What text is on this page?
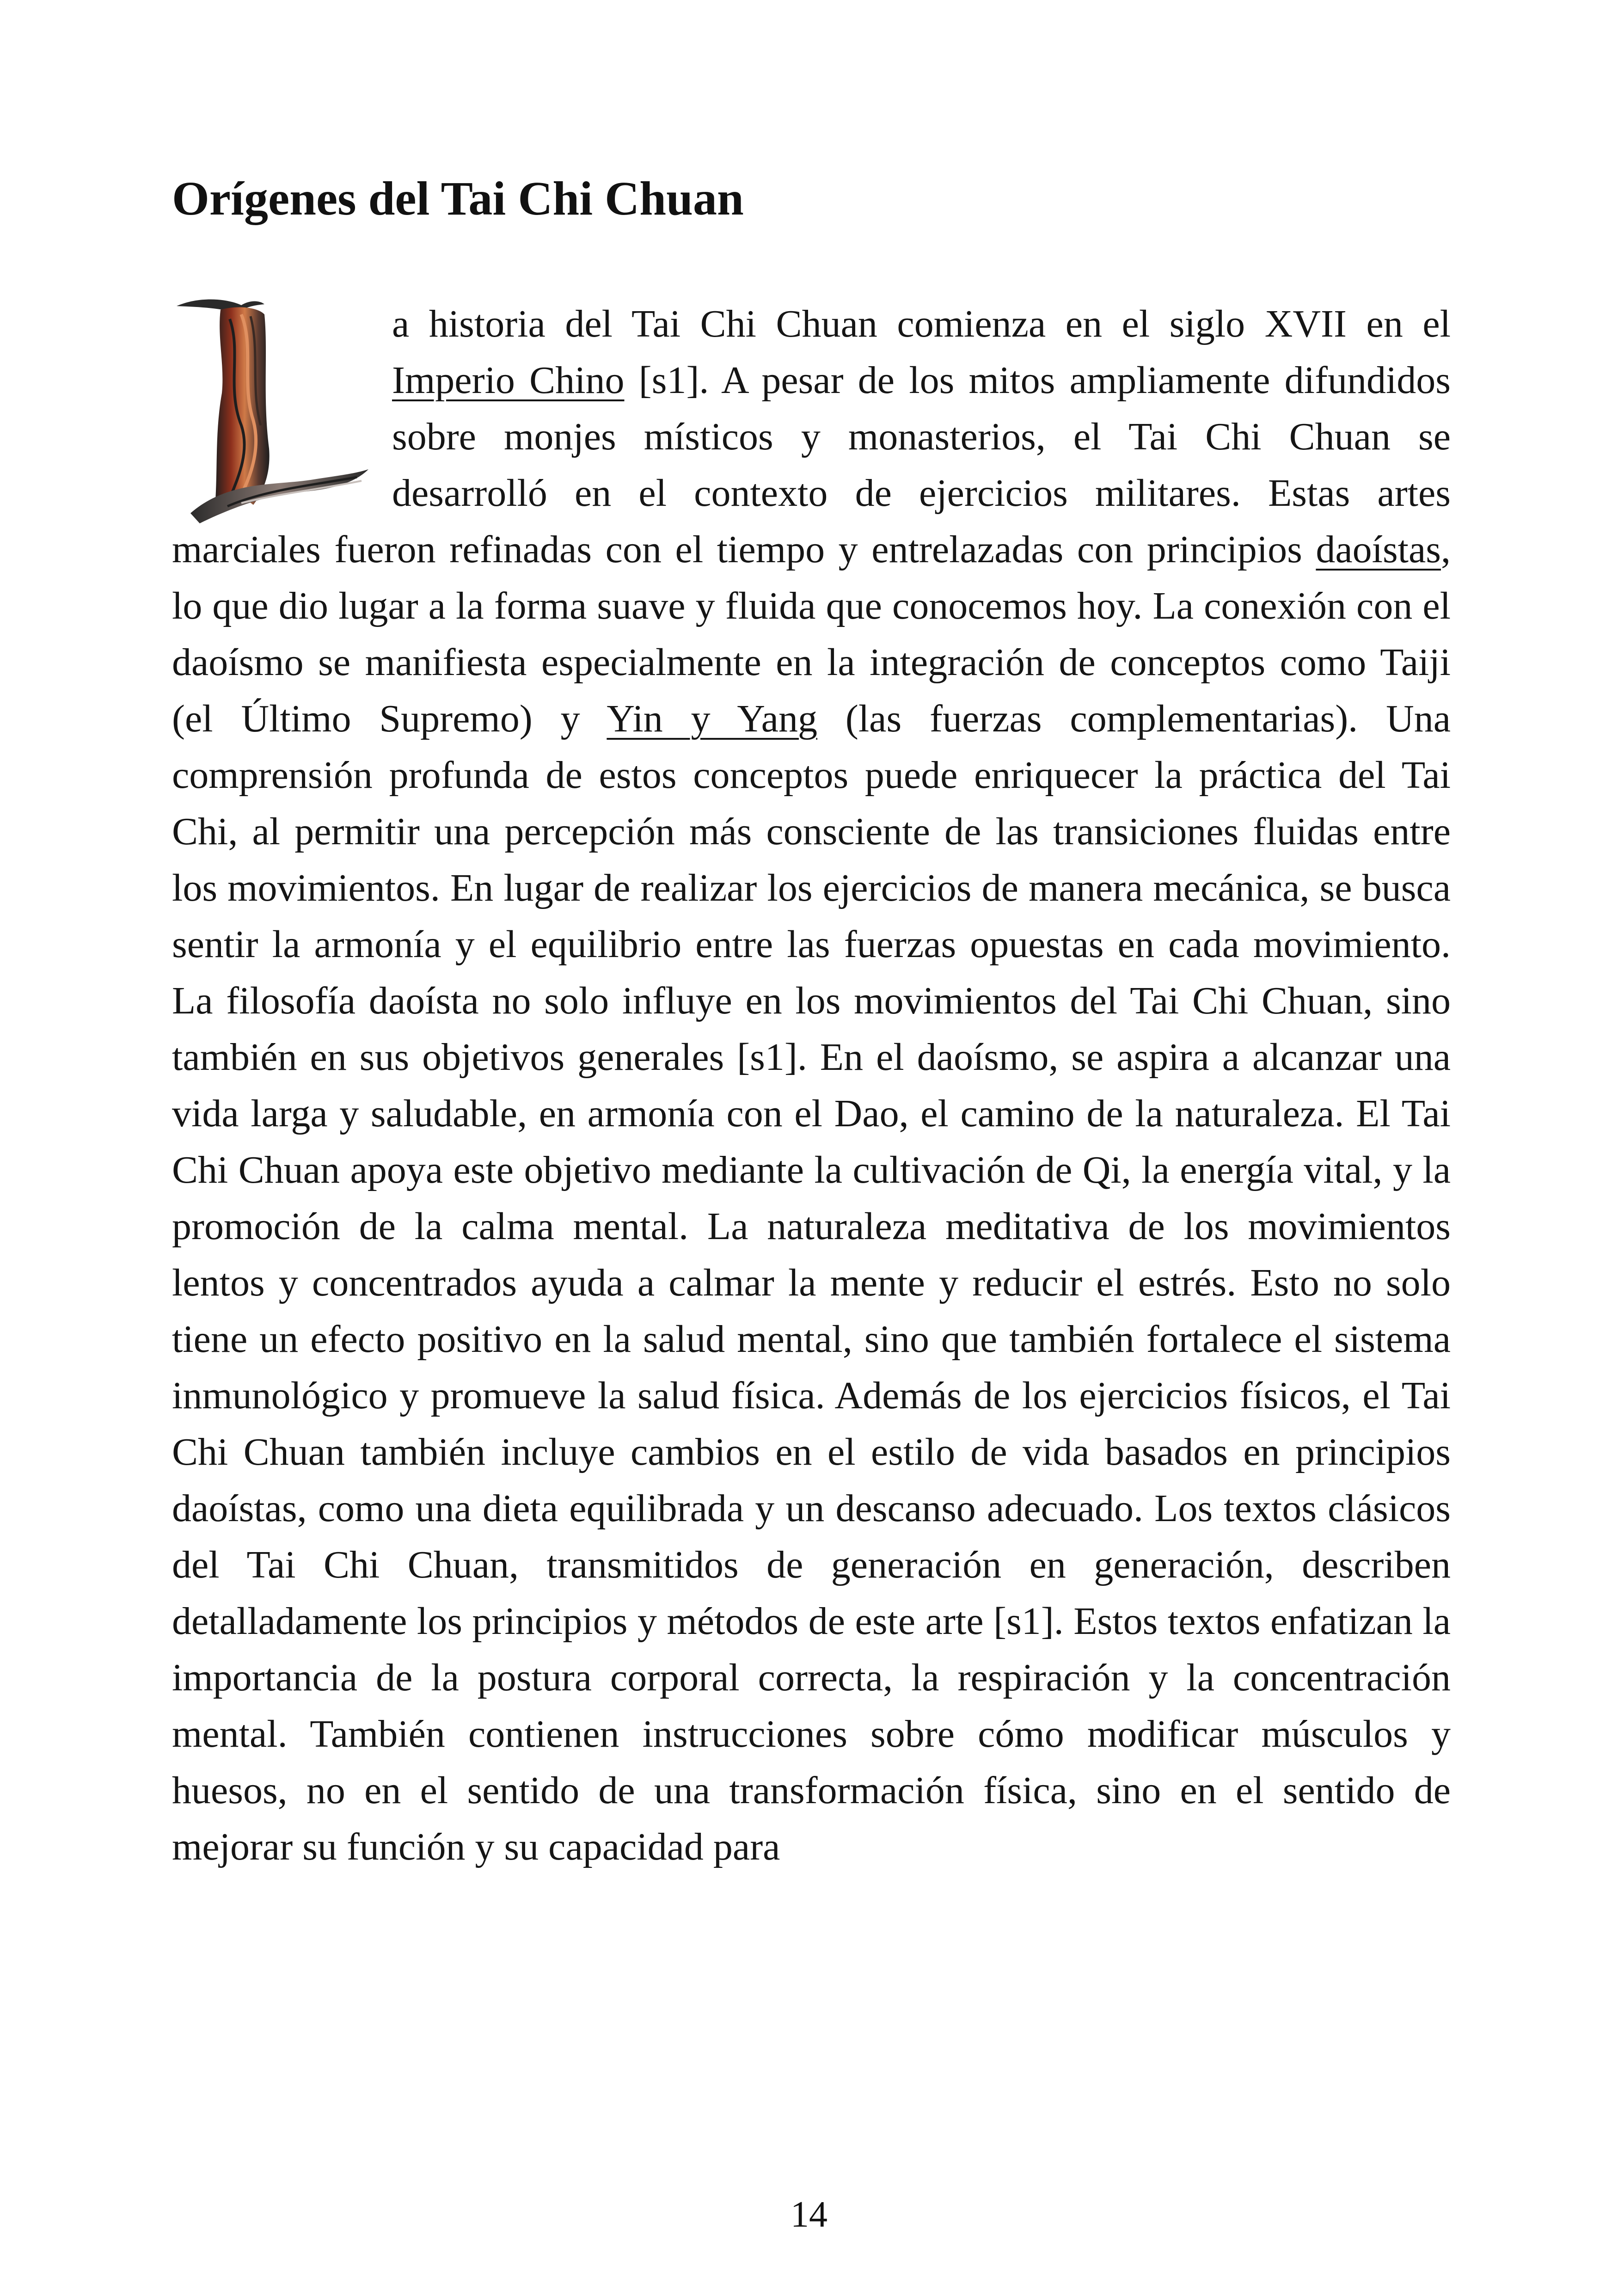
Orígenes del Tai Chi Chuan

a historia del Tai Chi Chuan comienza en el siglo XVII en el Imperio Chino [s1]. A pesar de los mitos ampliamente difundidos sobre monjes místicos y monasterios, el Tai Chi Chuan se desarrolló en el contexto de ejercicios militares. Estas artes marciales fueron refinadas con el tiempo y entrelazadas con principios daoístas, lo que dio lugar a la forma suave y fluida que conocemos hoy. La conexión con el daoísmo se manifiesta especialmente en la integración de conceptos como Taiji (el Último Supremo) y Yin y Yang (las fuerzas complementarias). Una comprensión profunda de estos conceptos puede enriquecer la práctica del Tai Chi, al permitir una percepción más consciente de las transiciones fluidas entre los movimientos. En lugar de realizar los ejercicios de manera mecánica, se busca sentir la armonía y el equilibrio entre las fuerzas opuestas en cada movimiento. La filosofía daoísta no solo influye en los movimientos del Tai Chi Chuan, sino también en sus objetivos generales [s1]. En el daoísmo, se aspira a alcanzar una vida larga y saludable, en armonía con el Dao, el camino de la naturaleza. El Tai Chi Chuan apoya este objetivo mediante la cultivación de Qi, la energía vital, y la promoción de la calma mental. La naturaleza meditativa de los movimientos lentos y concentrados ayuda a calmar la mente y reducir el estrés. Esto no solo tiene un efecto positivo en la salud mental, sino que también fortalece el sistema inmunológico y promueve la salud física. Además de los ejercicios físicos, el Tai Chi Chuan también incluye cambios en el estilo de vida basados en principios daoístas, como una dieta equilibrada y un descanso adecuado. Los textos clásicos del Tai Chi Chuan, transmitidos de generación en generación, describen detalladamente los principios y métodos de este arte [s1]. Estos textos enfatizan la importancia de la postura corporal correcta, la respiración y la concentración mental. También contienen instrucciones sobre cómo modificar músculos y huesos, no en el sentido de una transformación física, sino en el sentido de mejorar su función y su capacidad para

14
